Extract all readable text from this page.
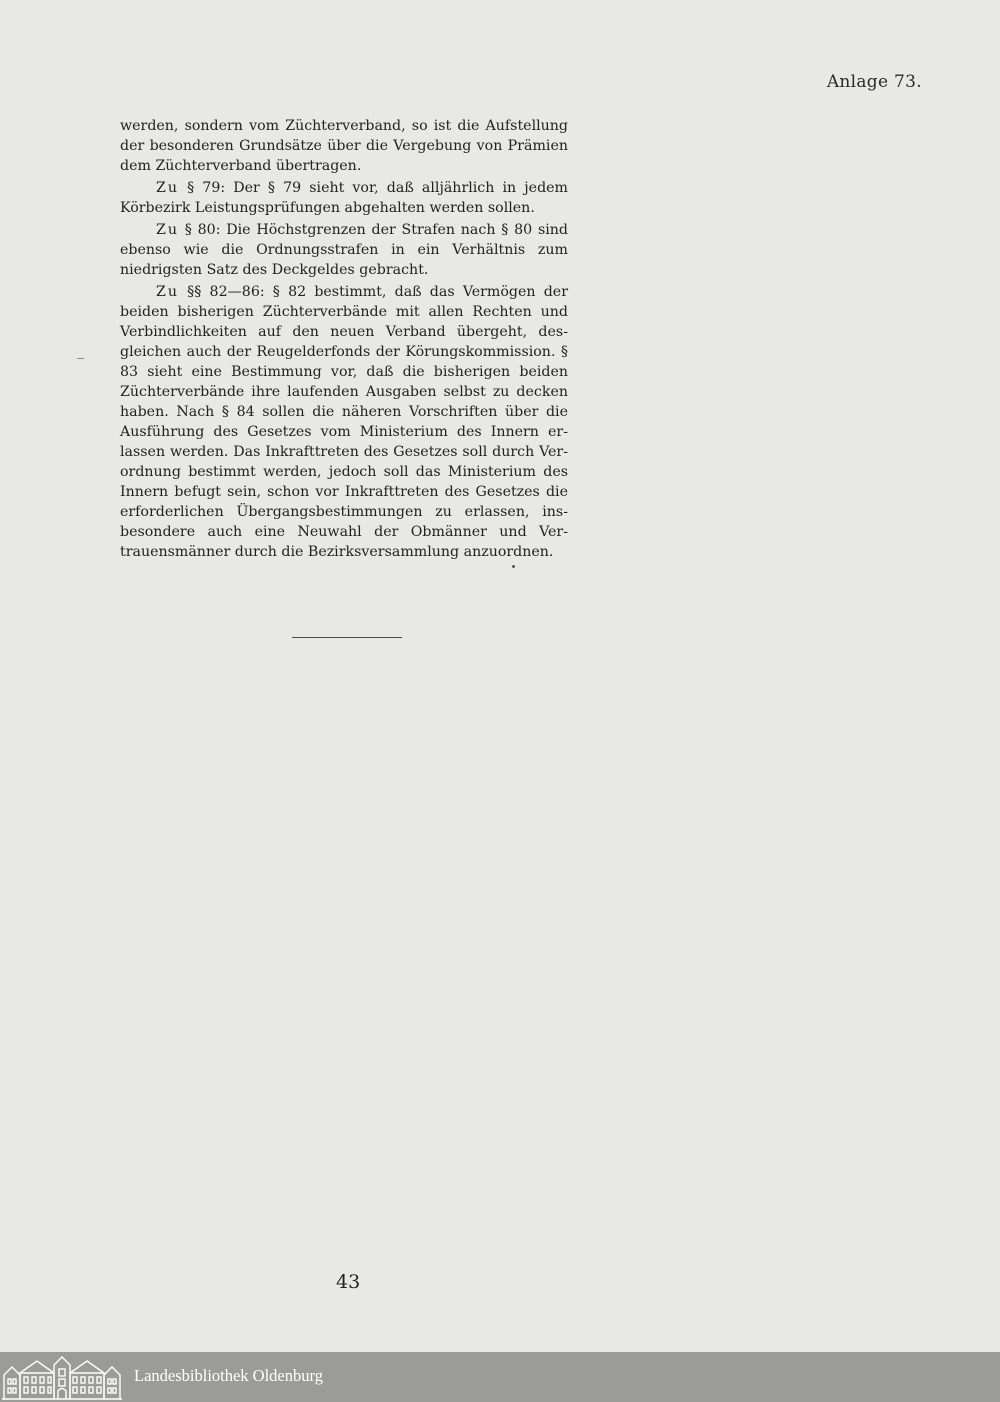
Anlage 73.

werden, sondern vom Züchterverband, so ist die Aufstellung der besonderen Grundsätze über die Vergebung von Prämien dem Züchterverband übertragen.

Zu § 79: Der § 79 sieht vor, daß alljährlich in jedem Körbezirk Leistungsprüfungen abgehalten werden sollen.

Zu § 80: Die Höchstgrenzen der Strafen nach § 80 sind ebenso wie die Ordnungsstrafen in ein Verhältnis zum niedrigsten Satz des Deckgeldes gebracht.

Zu §§ 82—86: § 82 bestimmt, daß das Vermögen der beiden bisherigen Züchterverbände mit allen Rechten und Verbindlichkeiten auf den neuen Verband übergeht, desgleichen auch der Reugelderfonds der Körungskommission. § 83 sieht eine Bestimmung vor, daß die bisherigen beiden Züchterverbände ihre laufenden Ausgaben selbst zu decken haben. Nach § 84 sollen die näheren Vorschriften über die Ausführung des Gesetzes vom Ministerium des Innern erlassen werden. Das Inkrafttreten des Gesetzes soll durch Verordnung bestimmt werden, jedoch soll das Ministerium des Innern befugt sein, schon vor Inkrafttreten des Gesetzes die erforderlichen Übergangsbestimmungen zu erlassen, insbesondere auch eine Neuwahl der Obmänner und Vertrauensmänner durch die Bezirksversammlung anzuordnen.

43
Landesbibliothek Oldenburg
